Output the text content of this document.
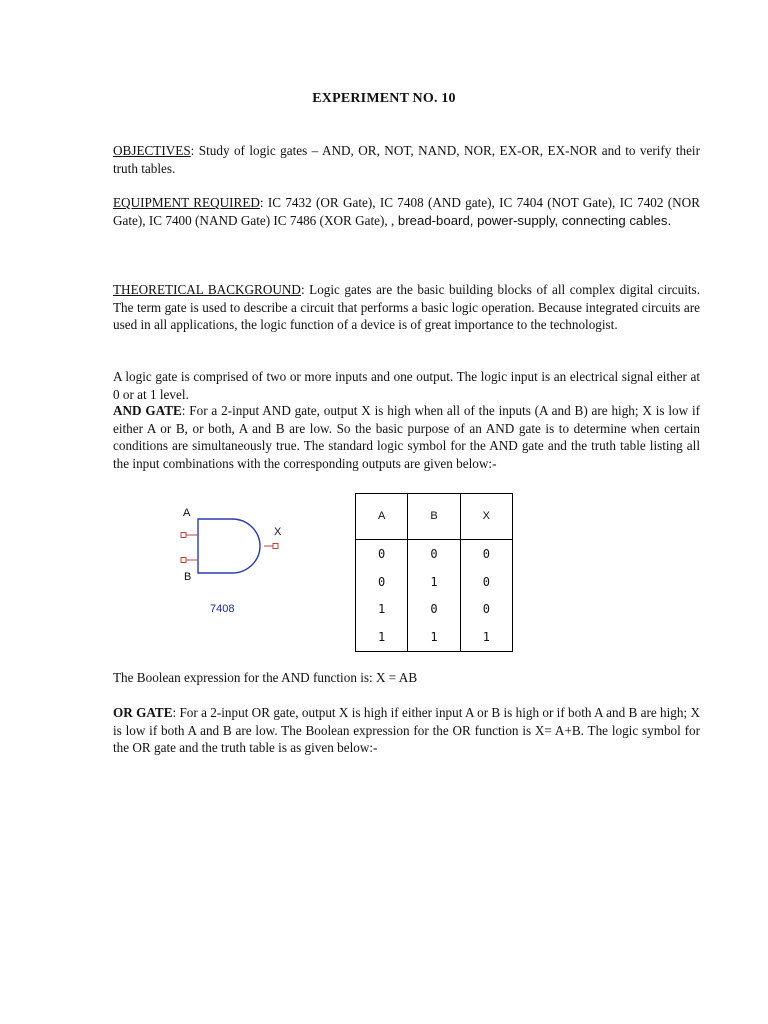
EXPERIMENT NO. 10

OBJECTIVES: Study of logic gates – AND, OR, NOT, NAND, NOR, EX-OR, EX-NOR and to verify their truth tables.

EQUIPMENT REQUIRED: IC 7432 (OR Gate), IC 7408 (AND gate), IC 7404 (NOT Gate), IC 7402 (NOR Gate), IC 7400 (NAND Gate) IC 7486 (XOR Gate), , bread-board, power-supply, connecting cables.

THEORETICAL BACKGROUND: Logic gates are the basic building blocks of all complex digital circuits. The term gate is used to describe a circuit that performs a basic logic operation. Because integrated circuits are used in all applications, the logic function of a device is of great importance to the technologist.

A logic gate is comprised of two or more inputs and one output. The logic input is an electrical signal either at 0 or at 1 level.

AND GATE: For a 2-input AND gate, output X is high when all of the inputs (A and B) are high; X is low if either A or B, or both, A and B are low. So the basic purpose of an AND gate is to determine when certain conditions are simultaneously true. The standard logic symbol for the AND gate and the truth table listing all the input combinations with the corresponding outputs are given below:-

A
B
X
7408
A	B	X
0	0	0
0	1	0
1	0	0
1	1	1

The Boolean expression for the AND function is: X = AB

OR GATE: For a 2-input OR gate, output X is high if either input A or B is high or if both A and B are high; X is low if both A and B are low. The Boolean expression for the OR function is X= A+B. The logic symbol for the OR gate and the truth table is as given below:-
